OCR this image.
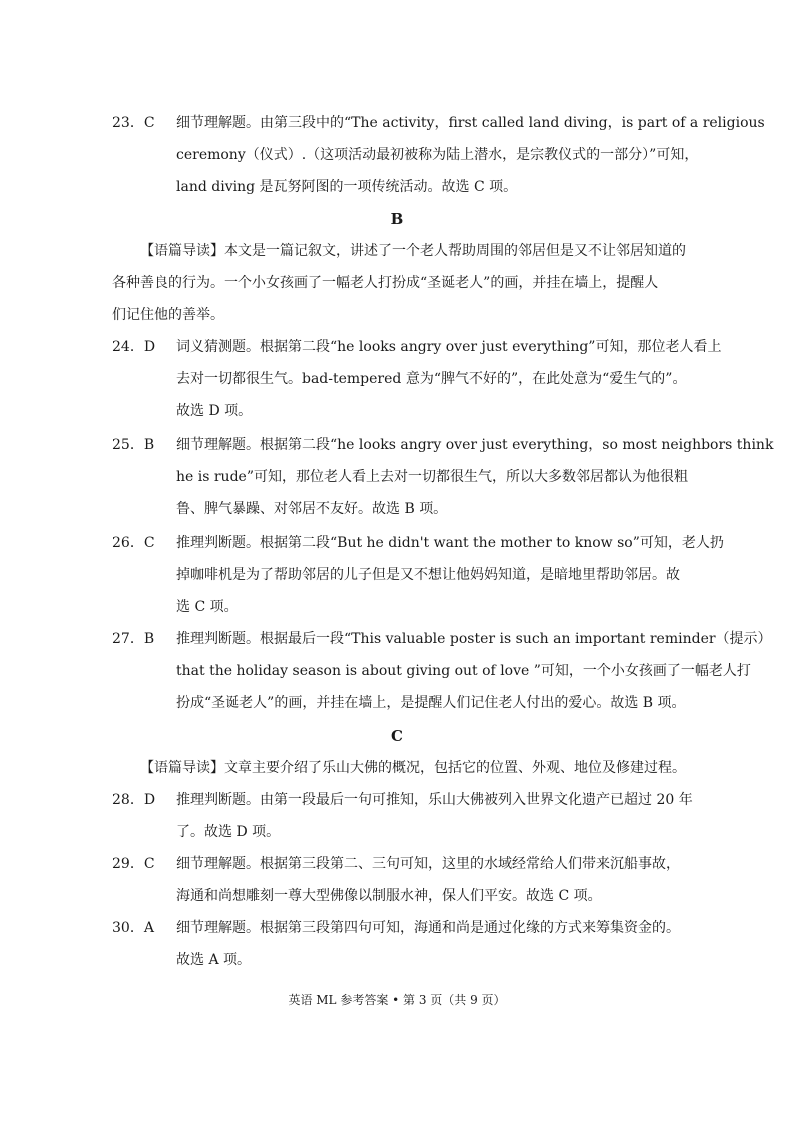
23．C	细节理解题。由第三段中的“The activity，first called land diving，is part of a religious
ceremony（仪式）.（这项活动最初被称为陆上潜水，是宗教仪式的一部分）”可知，
land diving 是瓦努阿图的一项传统活动。故选 C 项。
B
【语篇导读】本文是一篇记叙文，讲述了一个老人帮助周围的邻居但是又不让邻居知道的
各种善良的行为。一个小女孩画了一幅老人打扮成“圣诞老人”的画，并挂在墙上，提醒人
们记住他的善举。
24．D	词义猜测题。根据第二段“he looks angry over just everything”可知，那位老人看上
去对一切都很生气。bad-tempered 意为“脾气不好的”，在此处意为“爱生气的”。
故选 D 项。
25．B	细节理解题。根据第二段“he looks angry over just everything，so most neighbors think
he is rude”可知，那位老人看上去对一切都很生气，所以大多数邻居都认为他很粗
鲁、脾气暴躁、对邻居不友好。故选 B 项。
26．C	推理判断题。根据第二段“But he didn't want the mother to know so”可知，老人扔
掉咖啡机是为了帮助邻居的儿子但是又不想让他妈妈知道，是暗地里帮助邻居。故
选 C 项。
27．B	推理判断题。根据最后一段“This valuable poster is such an important reminder（提示）
that the holiday season is about giving out of love ”可知，一个小女孩画了一幅老人打
扮成“圣诞老人”的画，并挂在墙上，是提醒人们记住老人付出的爱心。故选 B 项。
C
【语篇导读】文章主要介绍了乐山大佛的概况，包括它的位置、外观、地位及修建过程。
28．D	推理判断题。由第一段最后一句可推知，乐山大佛被列入世界文化遗产已超过 20 年
了。故选 D 项。
29．C	细节理解题。根据第三段第二、三句可知，这里的水域经常给人们带来沉船事故，
海通和尚想雕刻一尊大型佛像以制服水神，保人们平安。故选 C 项。
30．A	细节理解题。根据第三段第四句可知，海通和尚是通过化缘的方式来筹集资金的。
故选 A 项。
英语 ML 参考答案 • 第 3 页（共 9 页）
